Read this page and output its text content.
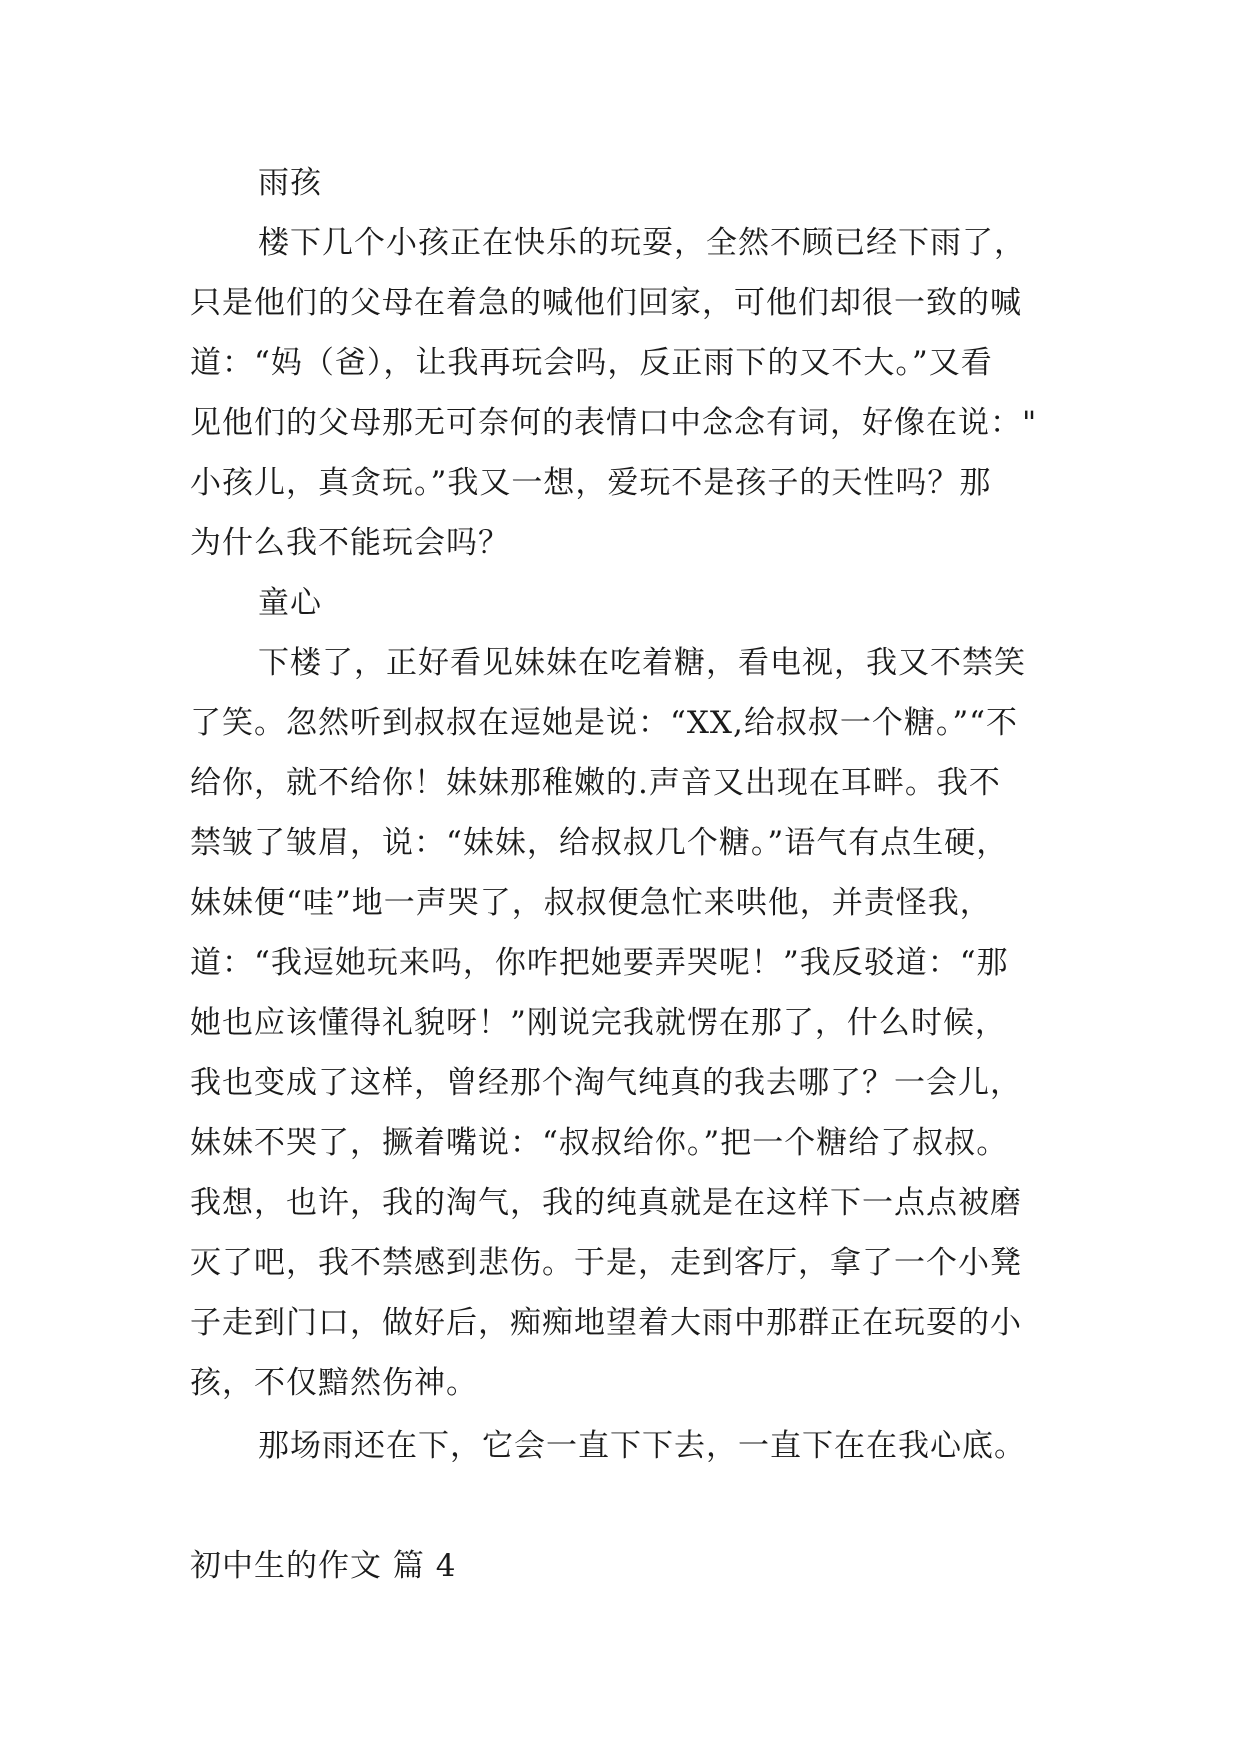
雨孩
楼下几个小孩正在快乐的玩耍，全然不顾已经下雨了，
只是他们的父母在着急的喊他们回家，可他们却很一致的喊
道：“妈（爸），让我再玩会吗，反正雨下的又不大。”又看
见他们的父母那无可奈何的表情口中念念有词，好像在说："
小孩儿，真贪玩。”我又一想，爱玩不是孩子的天性吗？那
为什么我不能玩会吗？
童心
下楼了，正好看见妹妹在吃着糖，看电视，我又不禁笑
了笑。忽然听到叔叔在逗她是说：“XX,给叔叔一个糖。”“不
给你，就不给你！妹妹那稚嫩的.声音又出现在耳畔。我不
禁皱了皱眉，说：“妹妹，给叔叔几个糖。”语气有点生硬，
妹妹便“哇”地一声哭了，叔叔便急忙来哄他，并责怪我，
道：“我逗她玩来吗，你咋把她要弄哭呢！”我反驳道：“那
她也应该懂得礼貌呀！”刚说完我就愣在那了，什么时候，
我也变成了这样，曾经那个淘气纯真的我去哪了？一会儿，
妹妹不哭了，撅着嘴说：“叔叔给你。”把一个糖给了叔叔。
我想，也许，我的淘气，我的纯真就是在这样下一点点被磨
灭了吧，我不禁感到悲伤。于是，走到客厅，拿了一个小凳
子走到门口，做好后，痴痴地望着大雨中那群正在玩耍的小
孩，不仅黯然伤神。
那场雨还在下，它会一直下下去，一直下在在我心底。
初中生的作文 篇 4
